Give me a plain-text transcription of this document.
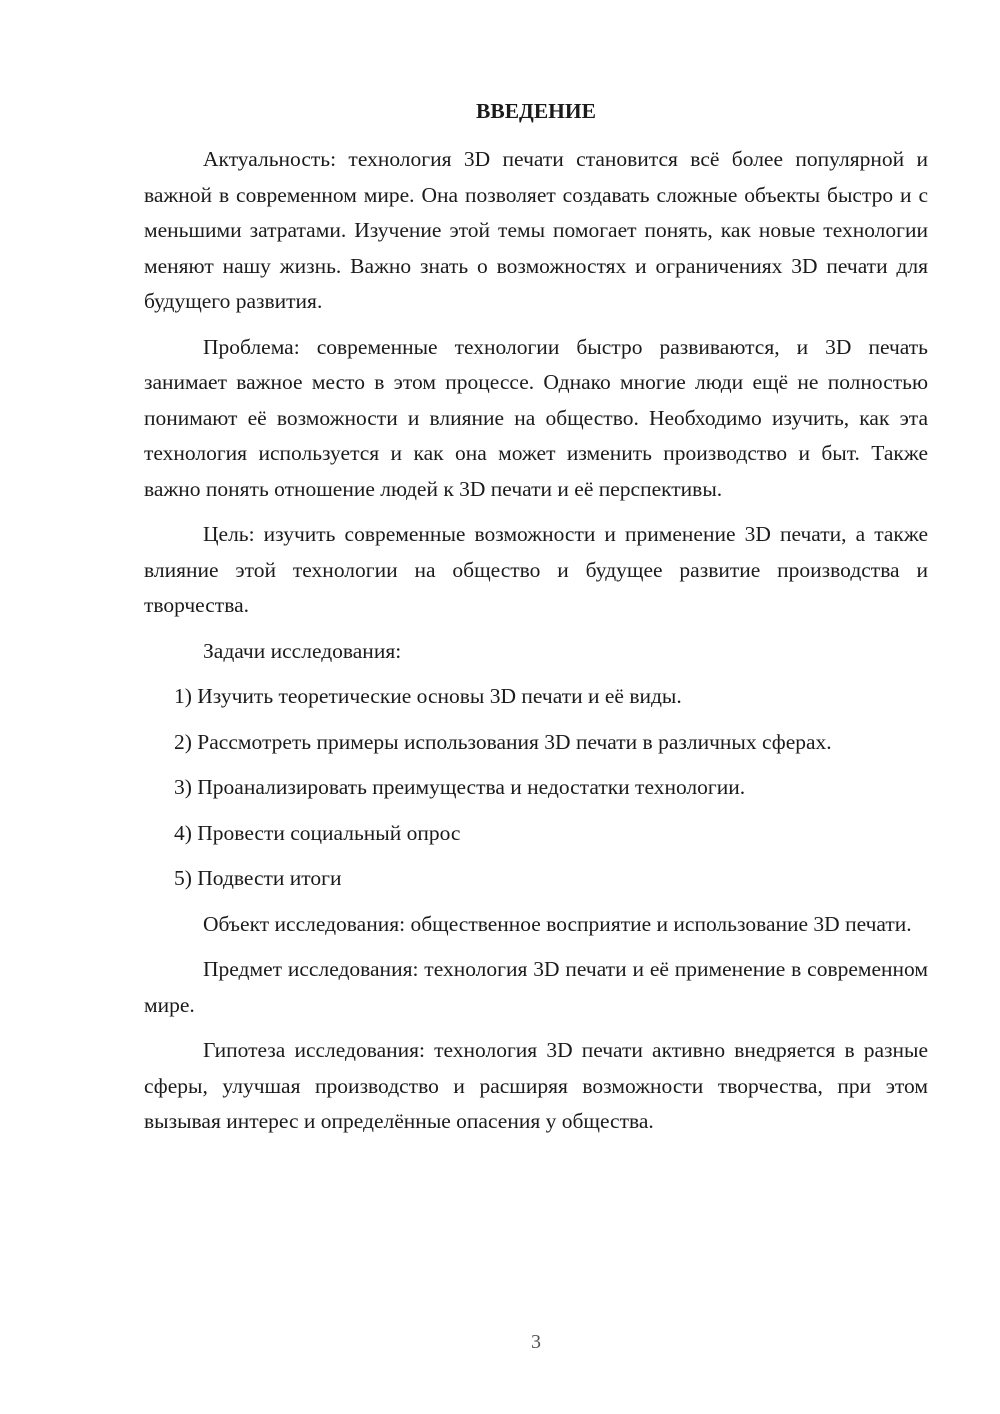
ВВЕДЕНИЕ

Актуальность: технология 3D печати становится всё более популярной и важной в современном мире. Она позволяет создавать сложные объекты быстро и с меньшими затратами. Изучение этой темы помогает понять, как новые технологии меняют нашу жизнь. Важно знать о возможностях и ограничениях 3D печати для будущего развития.

Проблема: современные технологии быстро развиваются, и 3D печать занимает важное место в этом процессе. Однако многие люди ещё не полностью понимают её возможности и влияние на общество. Необходимо изучить, как эта технология используется и как она может изменить производство и быт. Также важно понять отношение людей к 3D печати и её перспективы.

Цель: изучить современные возможности и применение 3D печати, а также влияние этой технологии на общество и будущее развитие производства и творчества.

Задачи исследования:

1) Изучить теоретические основы 3D печати и её виды.

2) Рассмотреть примеры использования 3D печати в различных сферах.

3) Проанализировать преимущества и недостатки технологии.

4) Провести социальный опрос

5) Подвести итоги

Объект исследования: общественное восприятие и использование 3D печати.

Предмет исследования: технология 3D печати и её применение в современном мире.

Гипотеза исследования: технология 3D печати активно внедряется в разные сферы, улучшая производство и расширяя возможности творчества, при этом вызывая интерес и определённые опасения у общества.

3
